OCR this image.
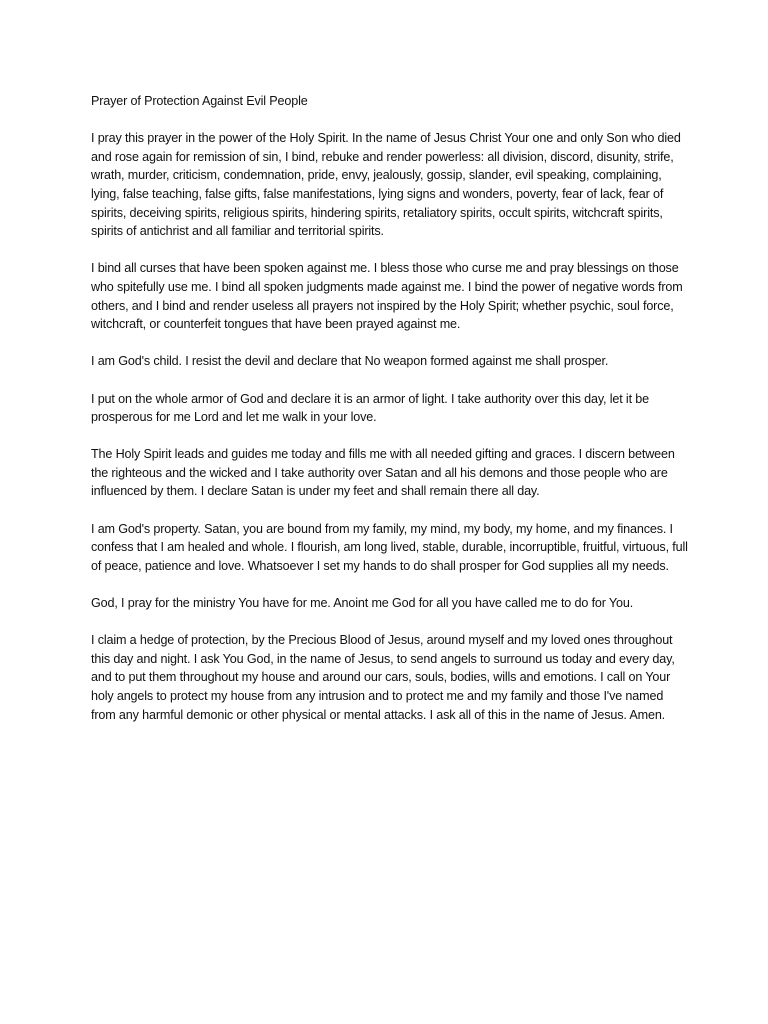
Prayer of Protection Against Evil People

I pray this prayer in the power of the Holy Spirit. In the name of Jesus Christ Your one and only Son who died and rose again for remission of sin, I bind, rebuke and render powerless: all division, discord, disunity, strife, wrath, murder, criticism, condemnation, pride, envy, jealously, gossip, slander, evil speaking, complaining, lying, false teaching, false gifts, false manifestations, lying signs and wonders, poverty, fear of lack, fear of spirits, deceiving spirits, religious spirits, hindering spirits, retaliatory spirits, occult spirits, witchcraft spirits, spirits of antichrist and all familiar and territorial spirits.

I bind all curses that have been spoken against me. I bless those who curse me and pray blessings on those who spitefully use me. I bind all spoken judgments made against me. I bind the power of negative words from others, and I bind and render useless all prayers not inspired by the Holy Spirit; whether psychic, soul force, witchcraft, or counterfeit tongues that have been prayed against me.

I am God's child. I resist the devil and declare that No weapon formed against me shall prosper.

I put on the whole armor of God and declare it is an armor of light. I take authority over this day, let it be prosperous for me Lord and let me walk in your love.

The Holy Spirit leads and guides me today and fills me with all needed gifting and graces. I discern between the righteous and the wicked and I take authority over Satan and all his demons and those people who are influenced by them. I declare Satan is under my feet and shall remain there all day.

I am God's property. Satan, you are bound from my family, my mind, my body, my home, and my finances. I confess that I am healed and whole. I flourish, am long lived, stable, durable, incorruptible, fruitful, virtuous, full of peace, patience and love. Whatsoever I set my hands to do shall prosper for God supplies all my needs.

God, I pray for the ministry You have for me. Anoint me God for all you have called me to do for You.

I claim a hedge of protection, by the Precious Blood of Jesus, around myself and my loved ones throughout this day and night. I ask You God, in the name of Jesus, to send angels to surround us today and every day, and to put them throughout my house and around our cars, souls, bodies, wills and emotions. I call on Your holy angels to protect my house from any intrusion and to protect me and my family and those I've named from any harmful demonic or other physical or mental attacks. I ask all of this in the name of Jesus. Amen.
